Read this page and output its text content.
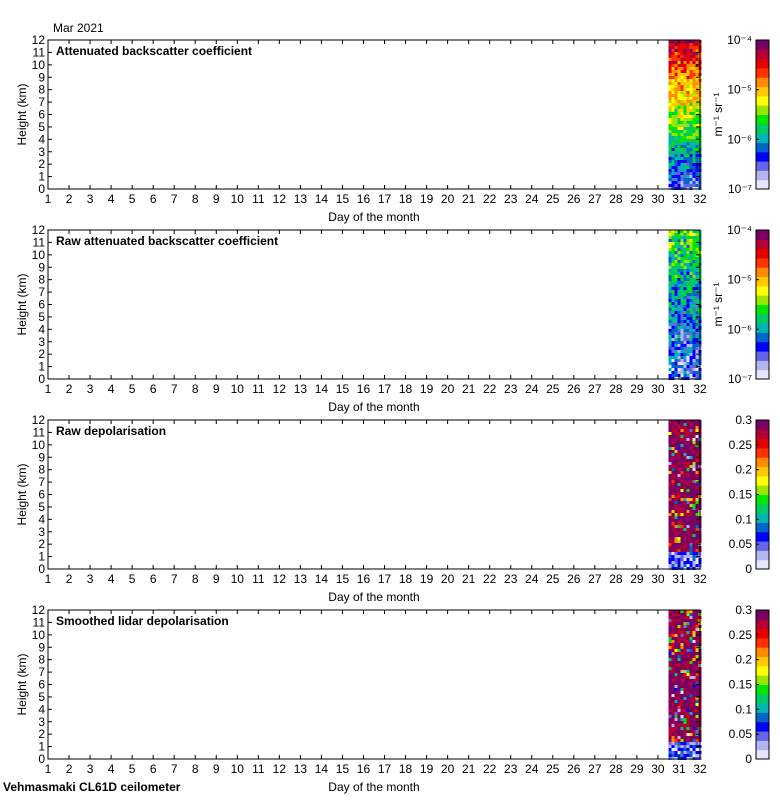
Mar 2021
1 2 3 4 5 6 7 8 9 10 11 12 13 14 15 16 17 18 19 20 21 22 23 24 25 26 27 28 29 30 31 32
0
1
2
3
4
5
6
7
8
9
10
11
12
Attenuated backscatter coefficient
Day of the month
Height (km)
10⁻⁷
10⁻⁶
10⁻⁵
10⁻⁴
m⁻¹ sr⁻¹
1 2 3 4 5 6 7 8 9 10 11 12 13 14 15 16 17 18 19 20 21 22 23 24 25 26 27 28 29 30 31 32
0
1
2
3
4
5
6
7
8
9
10
11
12
Raw attenuated backscatter coefficient
Day of the month
Height (km)
10⁻⁷
10⁻⁶
10⁻⁵
10⁻⁴
m⁻¹ sr⁻¹
1 2 3 4 5 6 7 8 9 10 11 12 13 14 15 16 17 18 19 20 21 22 23 24 25 26 27 28 29 30 31 32
0
1
2
3
4
5
6
7
8
9
10
11
12
Raw depolarisation
Day of the month
Height (km)
0
0.05
0.1
0.15
0.2
0.25
0.3
1 2 3 4 5 6 7 8 9 10 11 12 13 14 15 16 17 18 19 20 21 22 23 24 25 26 27 28 29 30 31 32
0
1
2
3
4
5
6
7
8
9
10
11
12
Smoothed lidar depolarisation
Day of the month
Height (km)
0
0.05
0.1
0.15
0.2
0.25
0.3
Vehmasmaki CL61D ceilometer
